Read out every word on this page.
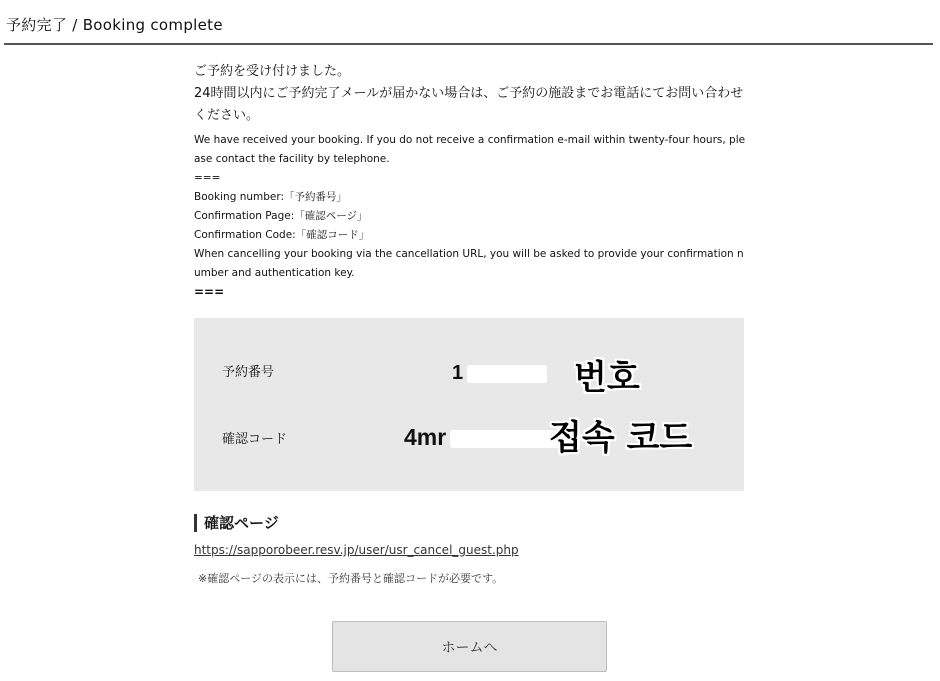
予約完了 / Booking complete
ご予約を受け付けました。
24時間以内にご予約完了メールが届かない場合は、ご予約の施設までお電話にてお問い合わせください。
We have received your booking. If you do not receive a confirmation e-mail within twenty-four hours, please contact the facility by telephone.
===
Booking number:「予約番号」
Confirmation Page:「確認ページ」
Confirmation Code:「確認コード」
When cancelling your booking via the cancellation URL, you will be asked to provide your confirmation number and authentication key.
===
予約番号	1	번호
確認コード	4mr	접속 코드
確認ページ
https://sapporobeer.resv.jp/user/usr_cancel_guest.php
※確認ページの表示には、予約番号と確認コードが必要です。
ホームへ
